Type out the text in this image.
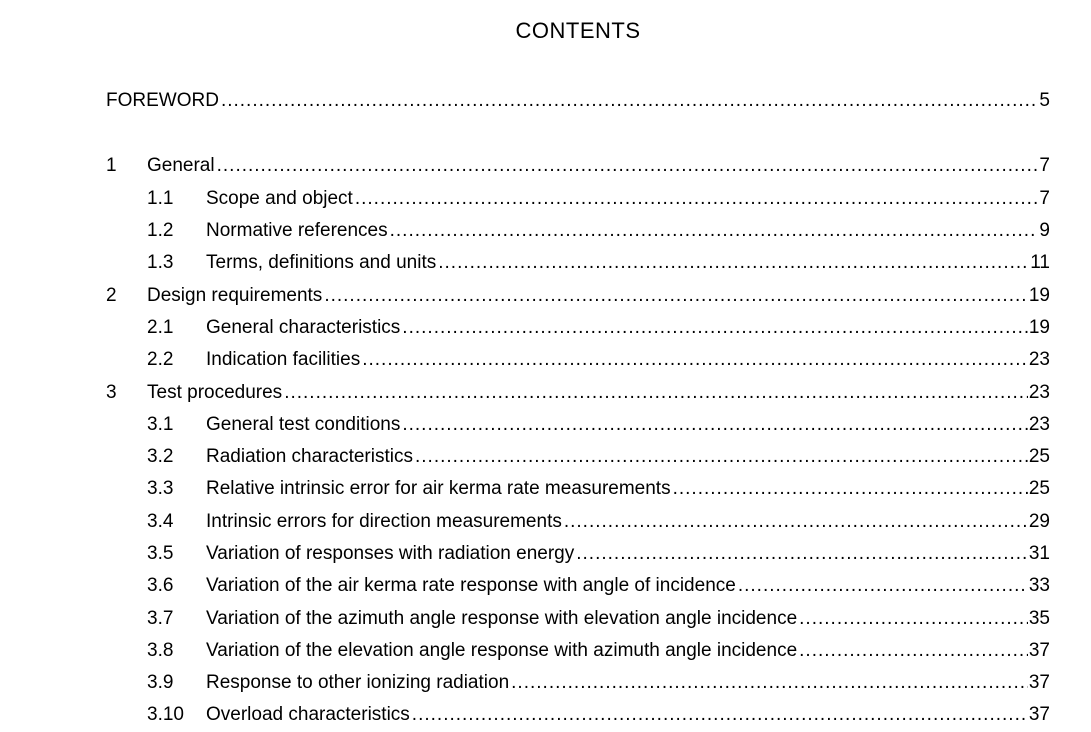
CONTENTS
FOREWORD .....	5
1	General .....	7
1.1	Scope and object .....	7
1.2	Normative references .....	9
1.3	Terms, definitions and units .....	11
2	Design requirements .....	19
2.1	General characteristics .....	19
2.2	Indication facilities .....	23
3	Test procedures .....	23
3.1	General test conditions .....	23
3.2	Radiation characteristics .....	25
3.3	Relative intrinsic error for air kerma rate measurements .....	25
3.4	Intrinsic errors for direction measurements .....	29
3.5	Variation of responses with radiation energy .....	31
3.6	Variation of the air kerma rate response with angle of incidence .....	33
3.7	Variation of the azimuth angle response with elevation angle incidence .....	35
3.8	Variation of the elevation angle response with azimuth angle incidence .....	37
3.9	Response to other ionizing radiation .....	37
3.10	Overload characteristics .....	37
